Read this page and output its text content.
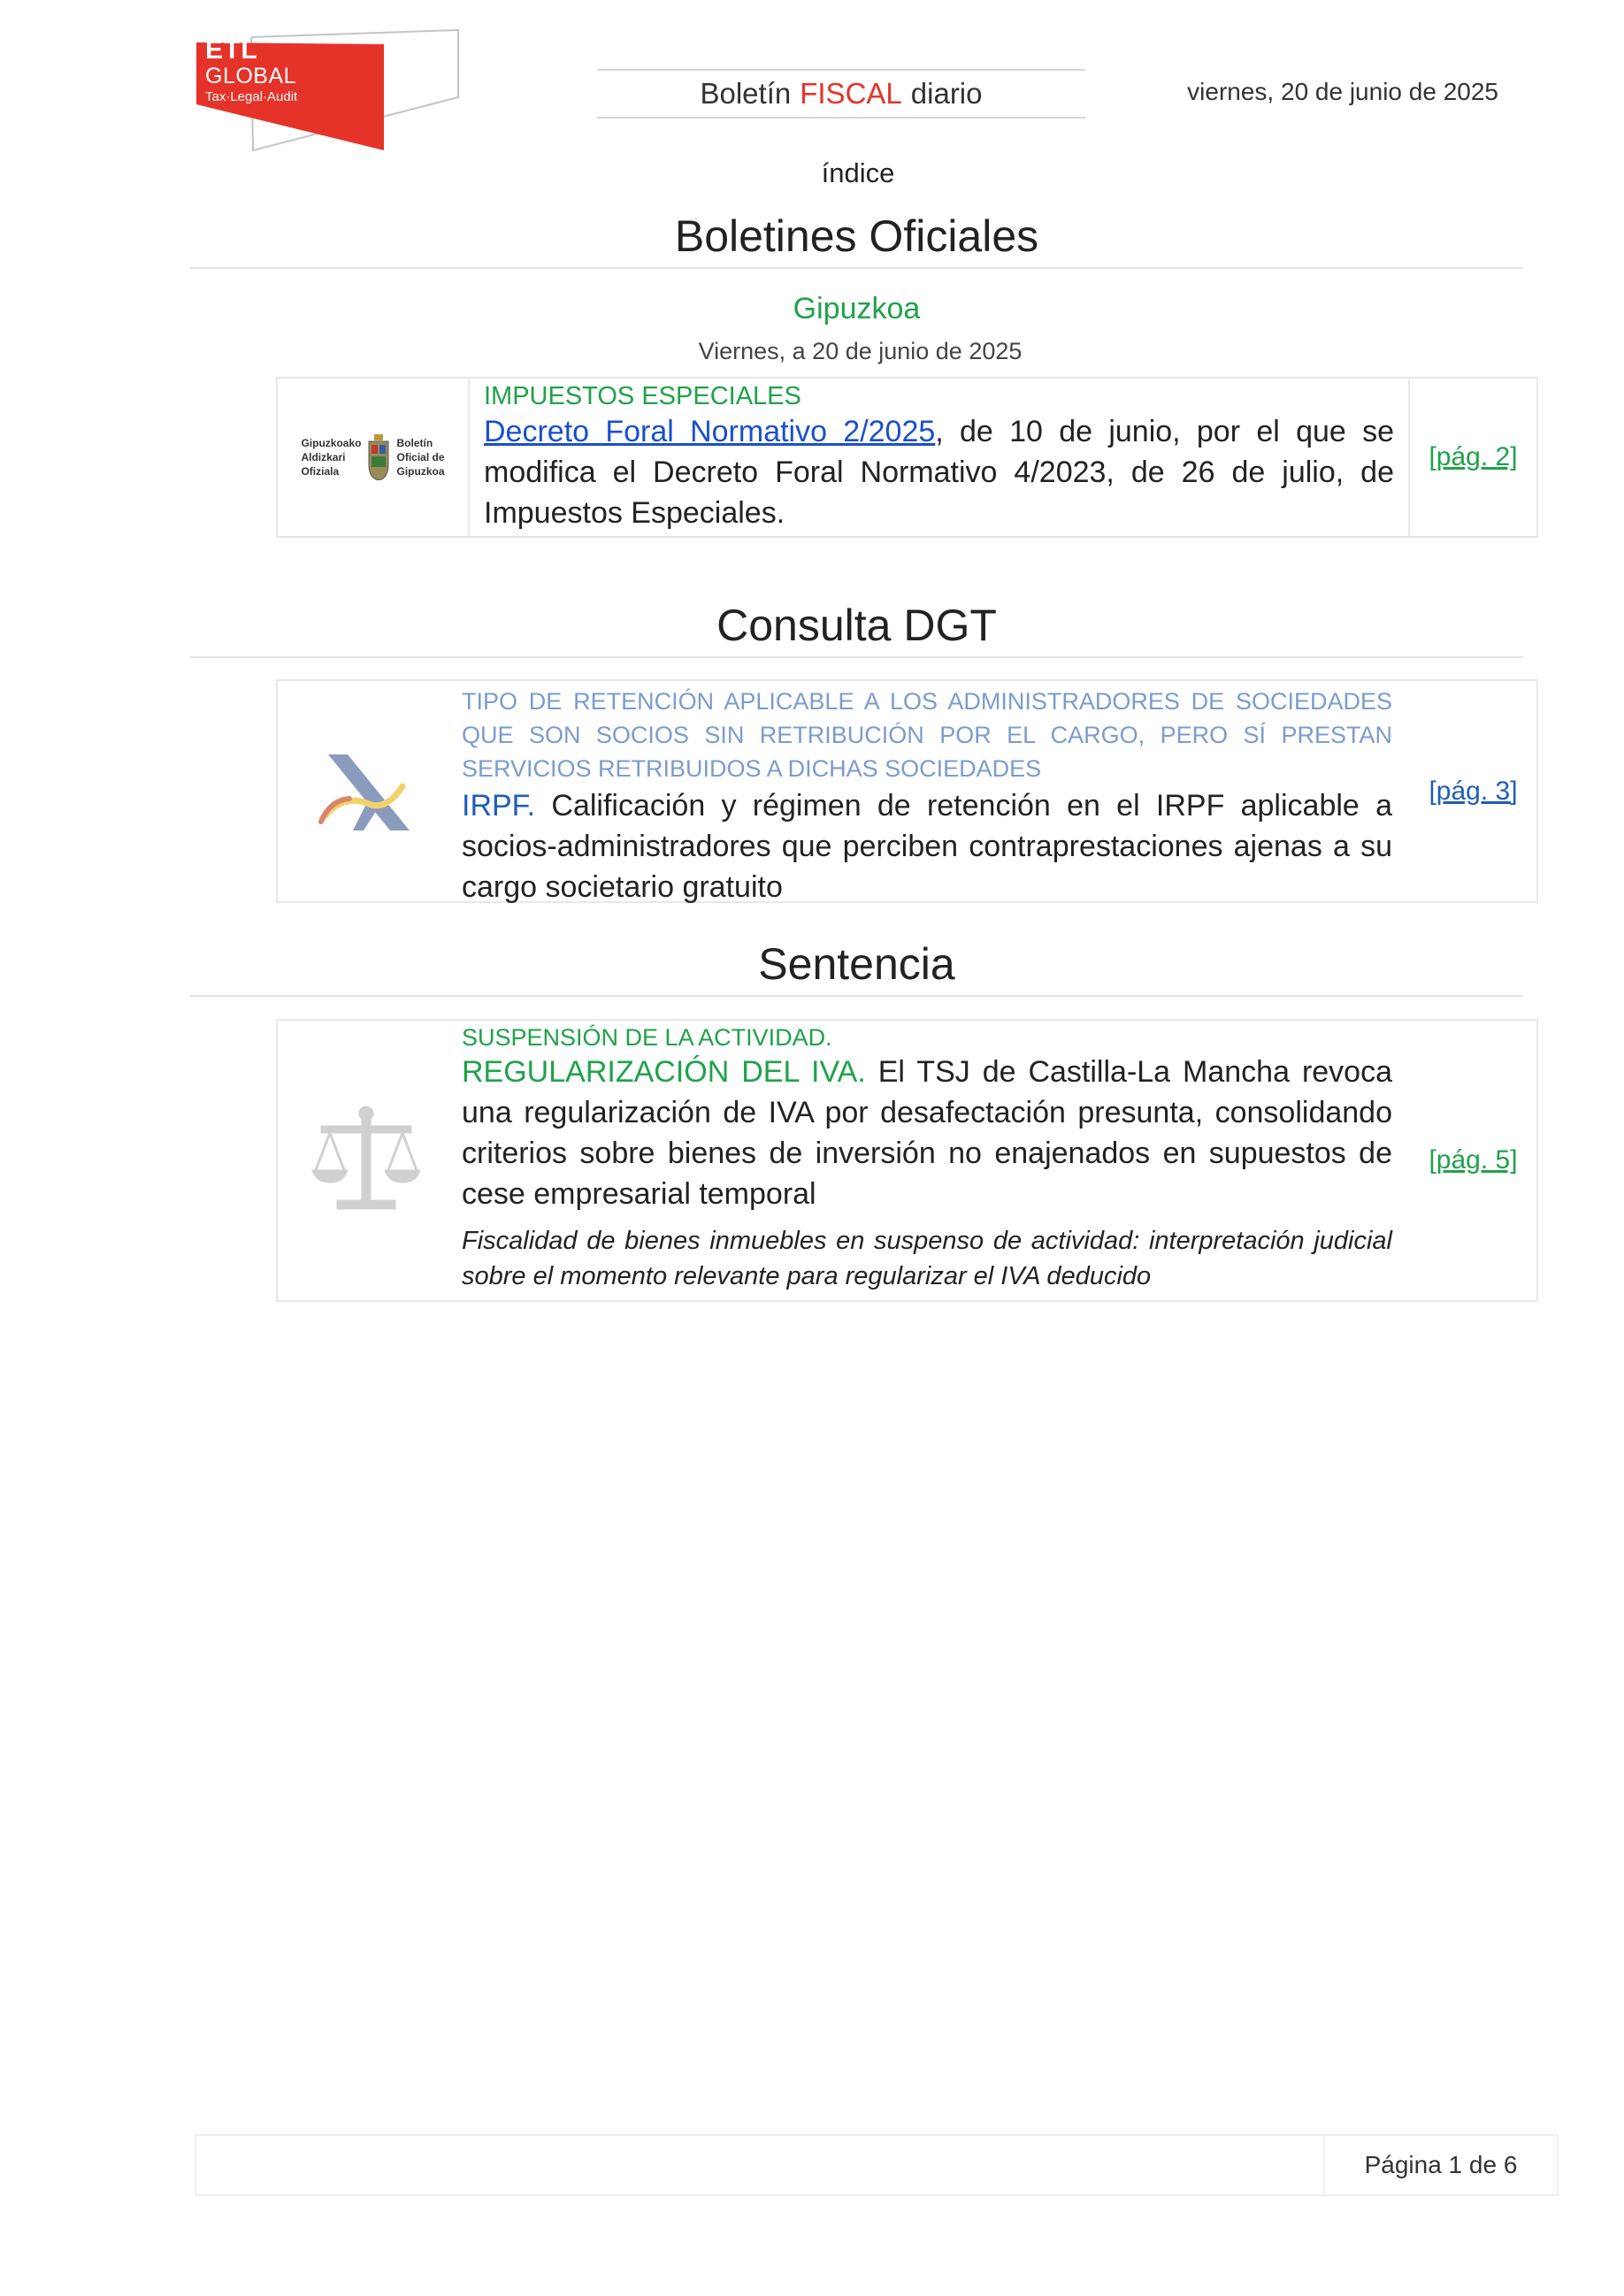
ETL
GLOBAL
Tax·Legal·Audit	Boletín FISCAL diario	viernes, 20 de junio de 2025
índice
Boletines Oficiales
Gipuzkoa
Viernes, a 20 de junio de 2025
Gipuzkoako
Aldizkari
Ofiziala
Boletín
Oficial de
Gipuzkoa
IMPUESTOS ESPECIALES
Decreto Foral Normativo 2/2025, de 10 de junio, por el que se modifica el Decreto Foral Normativo 4/2023, de 26 de julio, de Impuestos Especiales.
[pág. 2]
Consulta DGT
TIPO DE RETENCIÓN APLICABLE A LOS ADMINISTRADORES DE SOCIEDADES QUE SON SOCIOS SIN RETRIBUCIÓN POR EL CARGO, PERO SÍ PRESTAN SERVICIOS RETRIBUIDOS A DICHAS SOCIEDADES
IRPF. Calificación y régimen de retención en el IRPF aplicable a socios-administradores que perciben contraprestaciones ajenas a su cargo societario gratuito
[pág. 3]
Sentencia
SUSPENSIÓN DE LA ACTIVIDAD.
REGULARIZACIÓN DEL IVA. El TSJ de Castilla-La Mancha revoca una regularización de IVA por desafectación presunta, consolidando criterios sobre bienes de inversión no enajenados en supuestos de cese empresarial temporal
Fiscalidad de bienes inmuebles en suspenso de actividad: interpretación judicial sobre el momento relevante para regularizar el IVA deducido
[pág. 5]
Página 1 de 6
